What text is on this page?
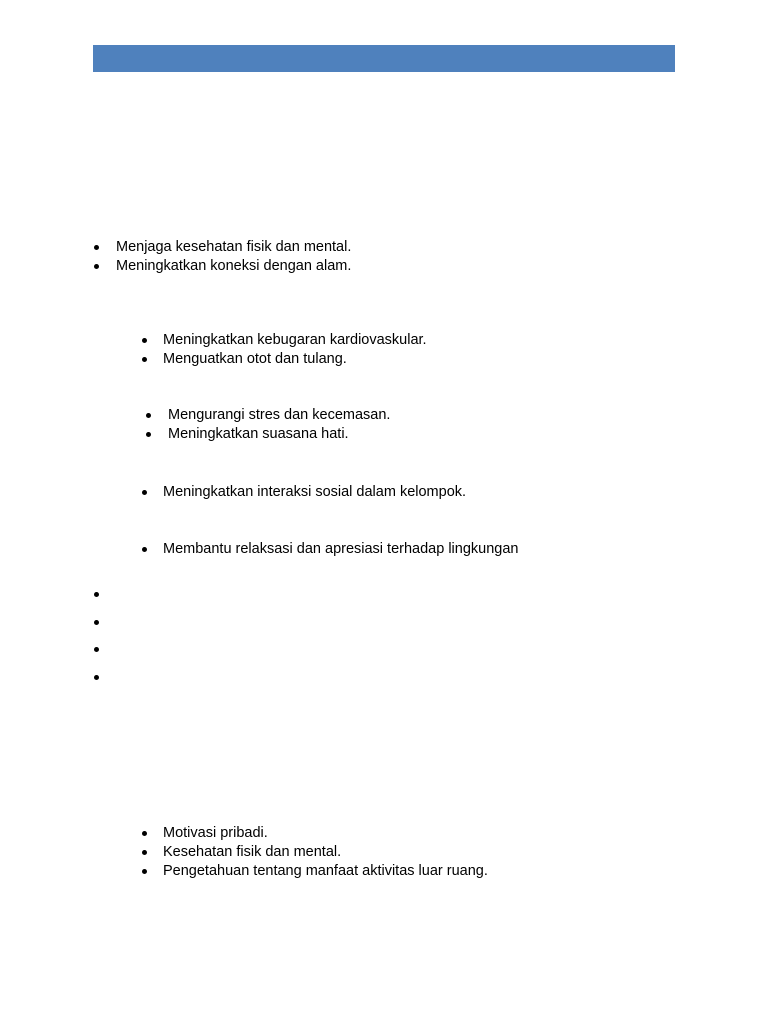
Menjaga kesehatan fisik dan mental.
Meningkatkan koneksi dengan alam.
Meningkatkan kebugaran kardiovaskular.
Menguatkan otot dan tulang.
Mengurangi stres dan kecemasan.
Meningkatkan suasana hati.
Meningkatkan interaksi sosial dalam kelompok.
Membantu relaksasi dan apresiasi terhadap lingkungan
Motivasi pribadi.
Kesehatan fisik dan mental.
Pengetahuan tentang manfaat aktivitas luar ruang.
